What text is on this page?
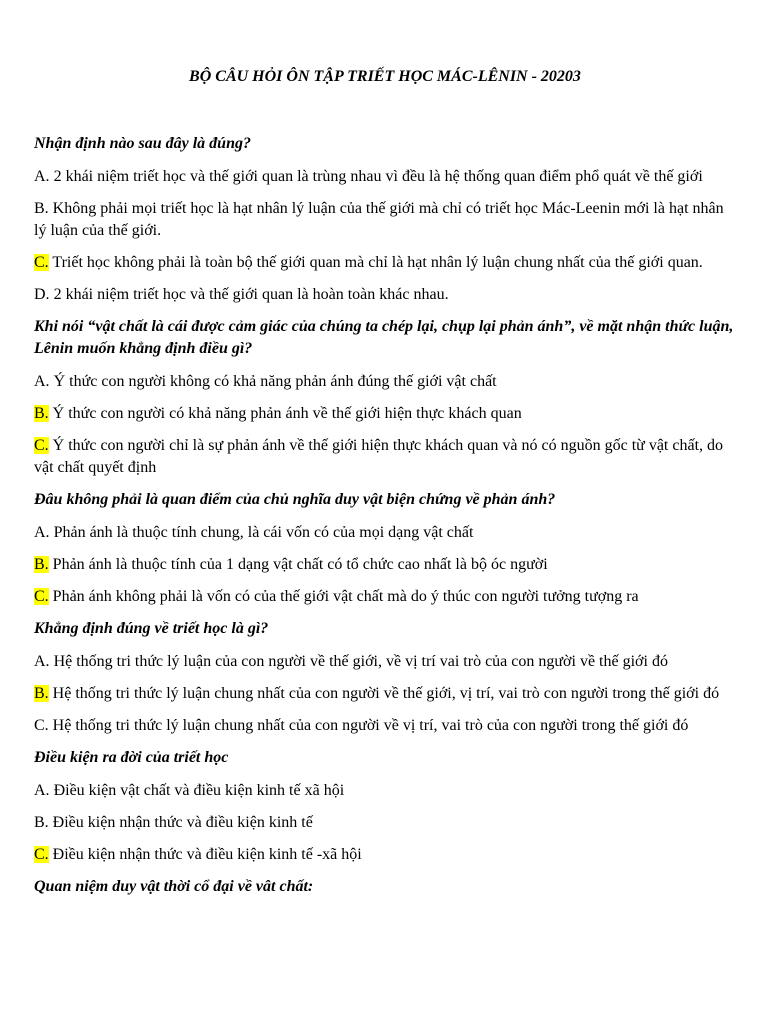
BỘ CÂU HỎI ÔN TẬP TRIẾT HỌC MÁC-LÊNIN - 20203
Nhận định nào sau đây là đúng?
A. 2 khái niệm triết học và thế giới quan là trùng nhau vì đều là hệ thống quan điểm phổ quát về thế giới
B. Không phải mọi triết học là hạt nhân lý luận của thế giới mà chỉ có triết học Mác-Leenin mới là hạt nhân lý luận của thế giới.
C. Triết học không phải là toàn bộ thế giới quan mà chỉ là hạt nhân lý luận chung nhất của thế giới quan.
D. 2 khái niệm triết học và thế giới quan là hoàn toàn khác nhau.
Khi nói “vật chất là cái được cảm giác của chúng ta chép lại, chụp lại phản ánh”, về mặt nhận thức luận, Lênin muốn khẳng định điều gì?
A. Ý thức con người không có khả năng phản ánh đúng thế giới vật chất
B. Ý thức con người có khả năng phản ánh về thế giới hiện thực khách quan
C. Ý thức con người chỉ là sự phản ánh về thế giới hiện thực khách quan và nó có nguồn gốc từ vật chất, do vật chất quyết định
Đâu không phải là quan điểm của chủ nghĩa duy vật biện chứng về phản ánh?
A. Phản ánh là thuộc tính chung, là cái vốn có của mọi dạng vật chất
B. Phản ánh là thuộc tính của 1 dạng vật chất có tổ chức cao nhất là bộ óc người
C. Phản ánh không phải là vốn có của thế giới vật chất mà do ý thúc con người tưởng tượng ra
Khẳng định đúng về triết học là gì?
A. Hệ thống tri thức lý luận của con người về thế giới, về vị trí vai trò của con người về thế giới đó
B. Hệ thống tri thức lý luận chung nhất của con người về thế giới, vị trí, vai trò con người trong thế giới đó
C. Hệ thống tri thức lý luận chung nhất của con người về vị trí, vai trò của con người trong thế giới đó
Điều kiện ra đời của triết học
A. Điều kiện vật chất và điều kiện kinh tế xã hội
B. Điều kiện nhận thức và điều kiện kinh tế
C. Điều kiện nhận thức và điều kiện kinh tế -xã hội
Quan niệm duy vật thời cổ đại về vât chất:
